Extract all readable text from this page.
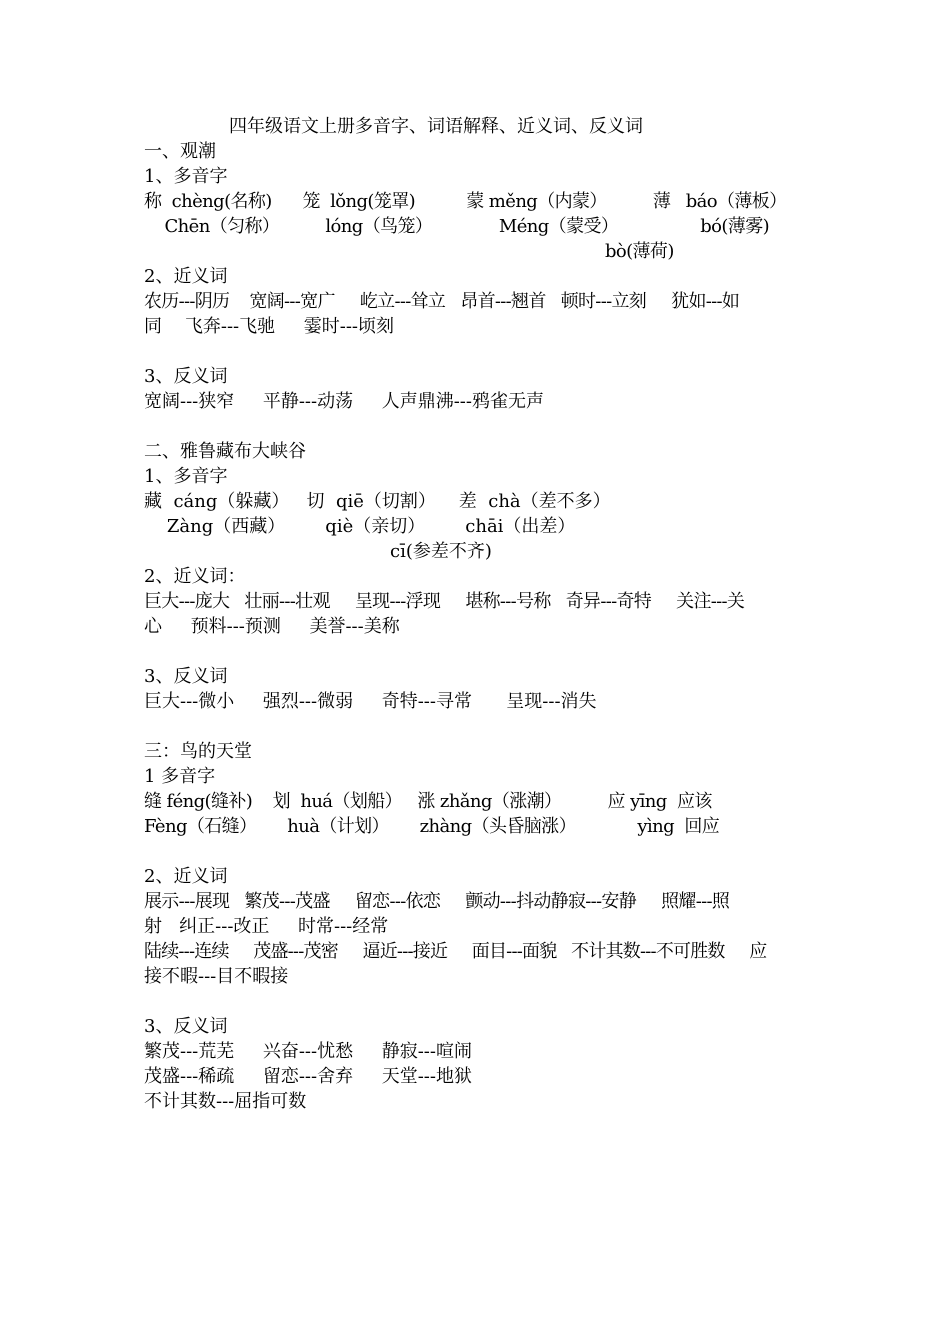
四年级语文上册多音字、词语解释、近义词、反义词
一、观潮
1、多音字
称  chèng(名称)      笼  lǒng(笼罩)          蒙 měng（内蒙）         薄   báo（薄板）
Chēn（匀称）         lóng（鸟笼）             Méng（蒙受）                bó(薄雾)
bò(薄荷)
2、近义词
农历---阴历    宽阔---宽广     屹立---耸立   昂首---翘首   顿时---立刻     犹如---如
同    飞奔---飞驰     霎时---顷刻
3、反义词
宽阔---狭窄     平静---动荡     人声鼎沸---鸦雀无声
二、雅鲁藏布大峡谷
1、多音字
藏  cáng（躲藏）   切  qiē（切割）    差  chà（差不多）
Zàng（西藏）       qiè（亲切）       chāi（出差）
cī(参差不齐)
2、近义词：
巨大---庞大   壮丽---壮观     呈现---浮现     堪称---号称   奇异---奇特     关注---关
心     预料---预测     美誉---美称
3、反义词
巨大---微小     强烈---微弱     奇特---寻常      呈现---消失
三：鸟的天堂
1 多音字
缝 féng(缝补)    划  huá（划船）   涨 zhǎng（涨潮）         应 yīng  应该
Fèng（石缝）      huà（计划）      zhàng（头昏脑涨）            yìng  回应
2、近义词
展示---展现   繁茂---茂盛     留恋---依恋     颤动---抖动静寂---安静     照耀---照
射   纠正---改正     时常---经常
陆续---连续     茂盛---茂密     逼近---接近     面目---面貌   不计其数---不可胜数     应
接不暇---目不暇接
3、反义词
繁茂---荒芜     兴奋---忧愁     静寂---喧闹
茂盛---稀疏     留恋---舍弃     天堂---地狱
不计其数---屈指可数
